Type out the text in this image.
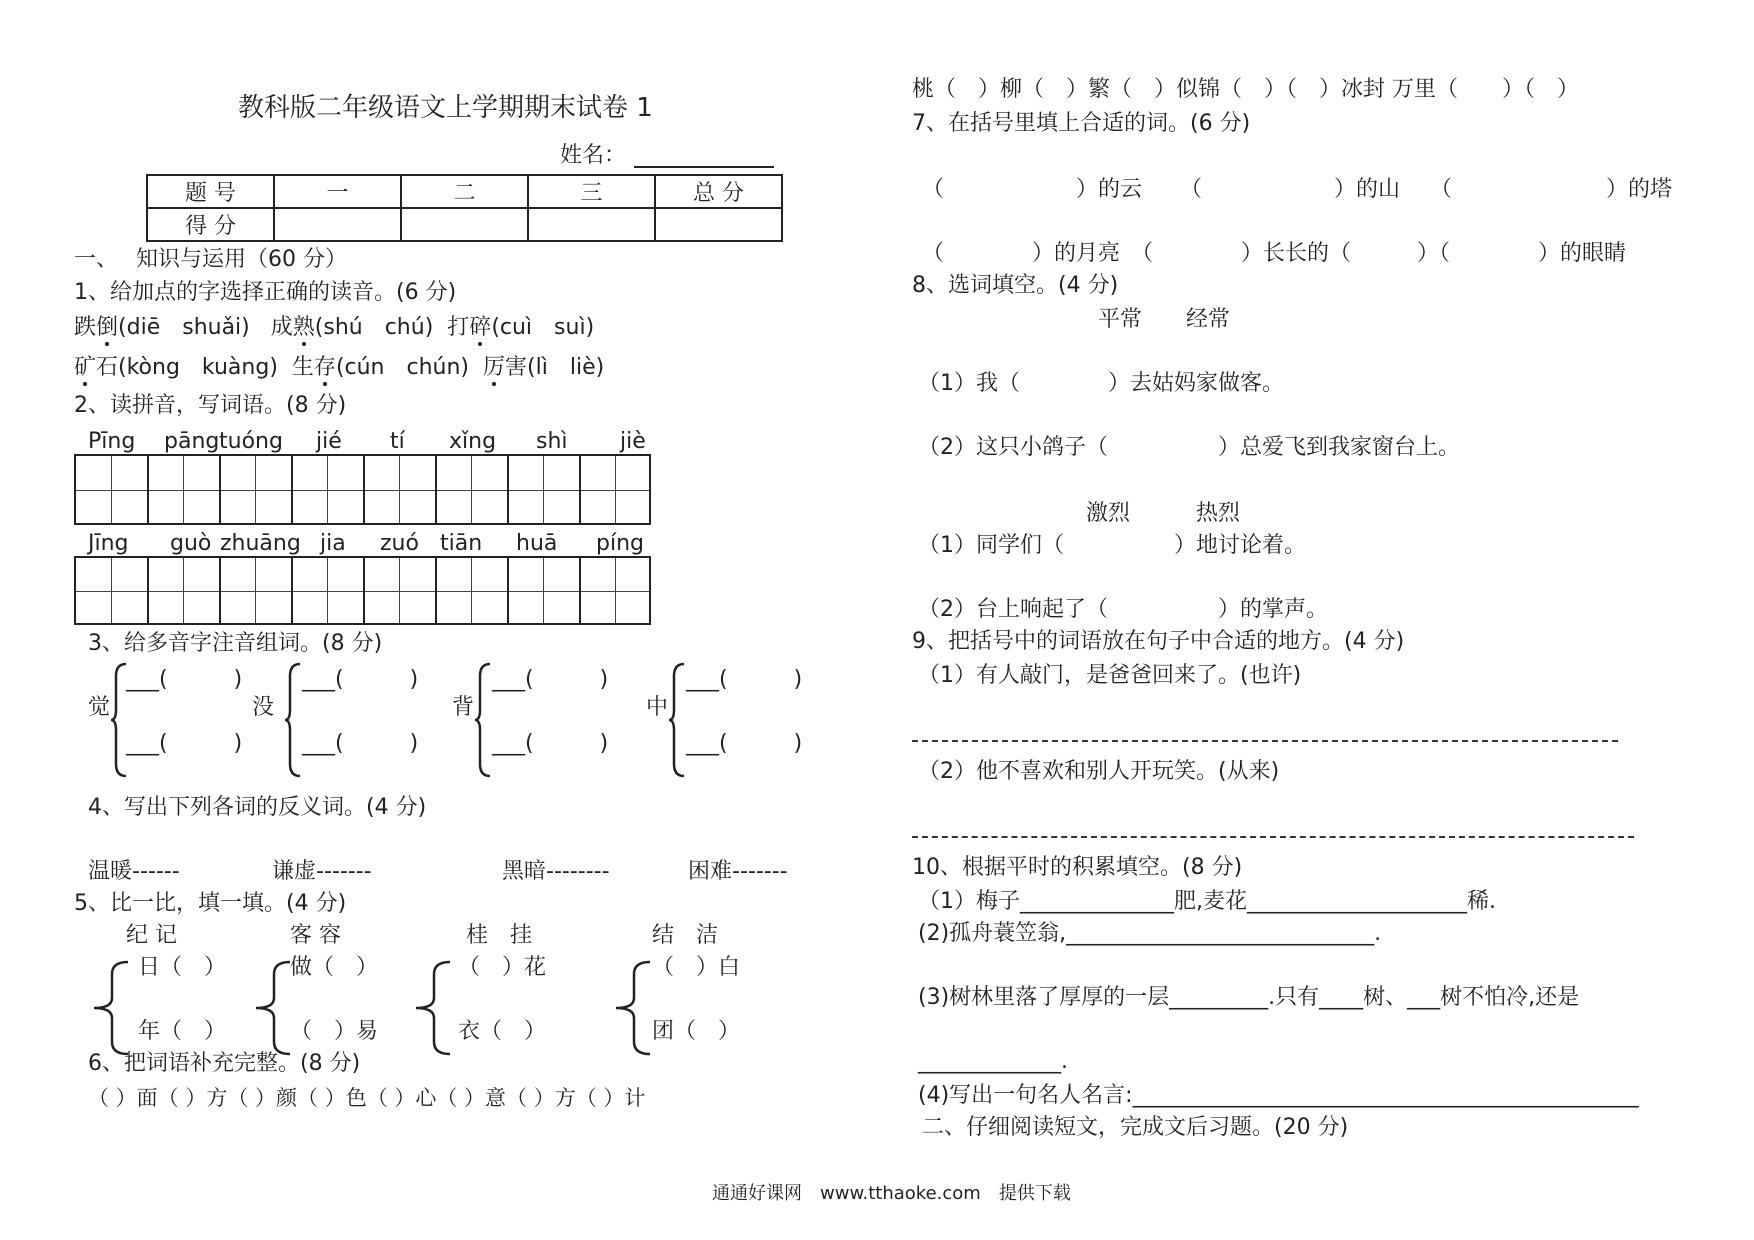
教科版二年级语文上学期期末试卷 1
姓名：
题 号	一	二	三	总 分
得 分				
一、　 知识与运用（60 分）
1、给加点的字选择正确的读音。(6 分)
跌倒(diē　shuǎi) 成熟(shú　chú) 打碎(cuì　suì)
矿石(kòng　kuàng) 生存(cún　chún) 厉害(lì　liè)
2、读拼音，写词语。(8 分)
Pīng pāng tuóng jié tí xǐng shì jiè
Jīng guò zhuāng jia zuó tiān huā píng
3、给多音字注音组词。(8 分)
觉
___(　　　)
___(　　　)
没
___(　　　)
___(　　　)
背
___(　　　)
___(　　　)
中
___(　　　)
___(　　　)
4、写出下列各词的反义词。(4 分)
温暖------	谦虚-------	黑暗--------	困难-------
5、比一比，填一填。(4 分)
纪 记	客 容	桂　挂	结　洁
日（　）
年（　）
做（　）
（　）易
（　）花
衣（　）
（　）白
团（　）
6、把词语补充完整。(8 分)
（ ）面（ ）方（ ）颜（ ）色（ ）心（ ）意（ ）方（ ）计
桃（　）柳（　）繁（　）似锦（　）（　）冰封 万里（　　）（　）
7、在括号里填上合适的词。(6 分)
（　　　　　　）的云 （　　　　　　）的山 （　　　　　　　）的塔
（　　　　）的月亮　（　　　　）长长的（　　　）（　　　　）的眼睛
8、选词填空。(4 分)
平常　　经常
（1）我（　　　　）去姑妈家做客。
（2）这只小鸽子（　　　　　）总爱飞到我家窗台上。
激烈　　　热烈
（1）同学们（　　　　　）地讨论着。
（2）台上响起了（　　　　　）的掌声。
9、把括号中的词语放在句子中合适的地方。(4 分)
（1）有人敲门，是爸爸回来了。(也许)
（2）他不喜欢和别人开玩笑。(从来)
10、根据平时的积累填空。(8 分)
（1）梅子______________肥,麦花____________________稀.
(2)孤舟蓑笠翁,____________________________.
(3)树林里落了厚厚的一层_________.只有____树、___树不怕冷,还是
_____________.
(4)写出一句名人名言:______________________________________________
二、仔细阅读短文，完成文后习题。(20 分)
通通好课网　www.tthaoke.com　提供下载
